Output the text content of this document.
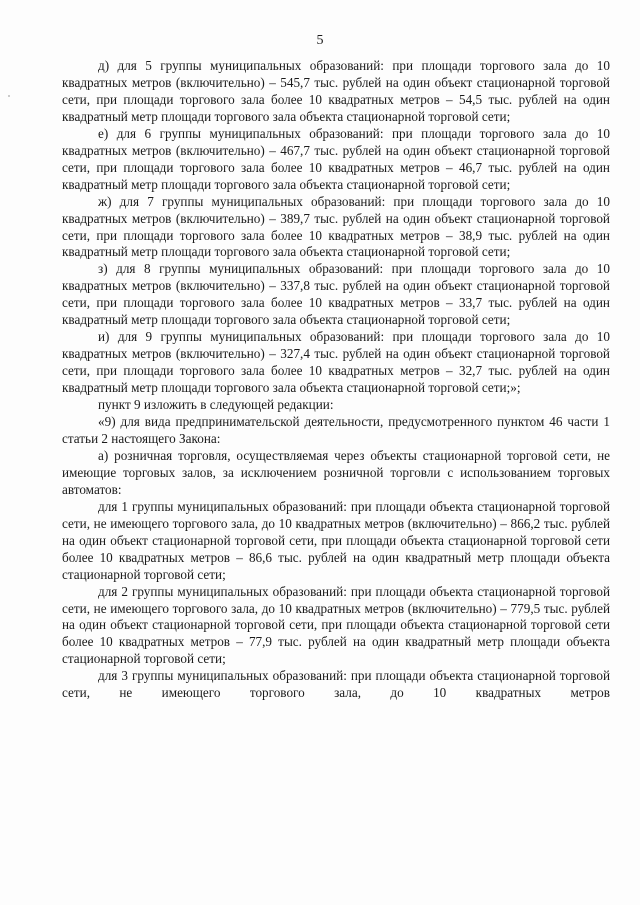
5

д) для 5 группы муниципальных образований: при площади торгового зала до 10 квадратных метров (включительно) – 545,7 тыс. рублей на один объект стационарной торговой сети, при площади торгового зала более 10 квадратных метров – 54,5 тыс. рублей на один квадратный метр площади торгового зала объекта стационарной торговой сети;

е) для 6 группы муниципальных образований: при площади торгового зала до 10 квадратных метров (включительно) – 467,7 тыс. рублей на один объект стационарной торговой сети, при площади торгового зала более 10 квадратных метров – 46,7 тыс. рублей на один квадратный метр площади торгового зала объекта стационарной торговой сети;

ж) для 7 группы муниципальных образований: при площади торгового зала до 10 квадратных метров (включительно) – 389,7 тыс. рублей на один объект стационарной торговой сети, при площади торгового зала более 10 квадратных метров – 38,9 тыс. рублей на один квадратный метр площади торгового зала объекта стационарной торговой сети;

з) для 8 группы муниципальных образований: при площади торгового зала до 10 квадратных метров (включительно) – 337,8 тыс. рублей на один объект стационарной торговой сети, при площади торгового зала более 10 квадратных метров – 33,7 тыс. рублей на один квадратный метр площади торгового зала объекта стационарной торговой сети;

и) для 9 группы муниципальных образований: при площади торгового зала до 10 квадратных метров (включительно) – 327,4 тыс. рублей на один объект стационарной торговой сети, при площади торгового зала более 10 квадратных метров – 32,7 тыс. рублей на один квадратный метр площади торгового зала объекта стационарной торговой сети;»;

пункт 9 изложить в следующей редакции:

«9) для вида предпринимательской деятельности, предусмотренного пунктом 46 части 1 статьи 2 настоящего Закона:

а) розничная торговля, осуществляемая через объекты стационарной торговой сети, не имеющие торговых залов, за исключением розничной торговли с использованием торговых автоматов:

для 1 группы муниципальных образований: при площади объекта стационарной торговой сети, не имеющего торгового зала, до 10 квадратных метров (включительно) – 866,2 тыс. рублей на один объект стационарной торговой сети, при площади объекта стационарной торговой сети более 10 квадратных метров – 86,6 тыс. рублей на один квадратный метр площади объекта стационарной торговой сети;

для 2 группы муниципальных образований: при площади объекта стационарной торговой сети, не имеющего торгового зала, до 10 квадратных метров (включительно) – 779,5 тыс. рублей на один объект стационарной торговой сети, при площади объекта стационарной торговой сети более 10 квадратных метров – 77,9 тыс. рублей на один квадратный метр площади объекта стационарной торговой сети;

для 3 группы муниципальных образований: при площади объекта стационарной торговой сети, не имеющего торгового зала, до 10 квадратных метров
